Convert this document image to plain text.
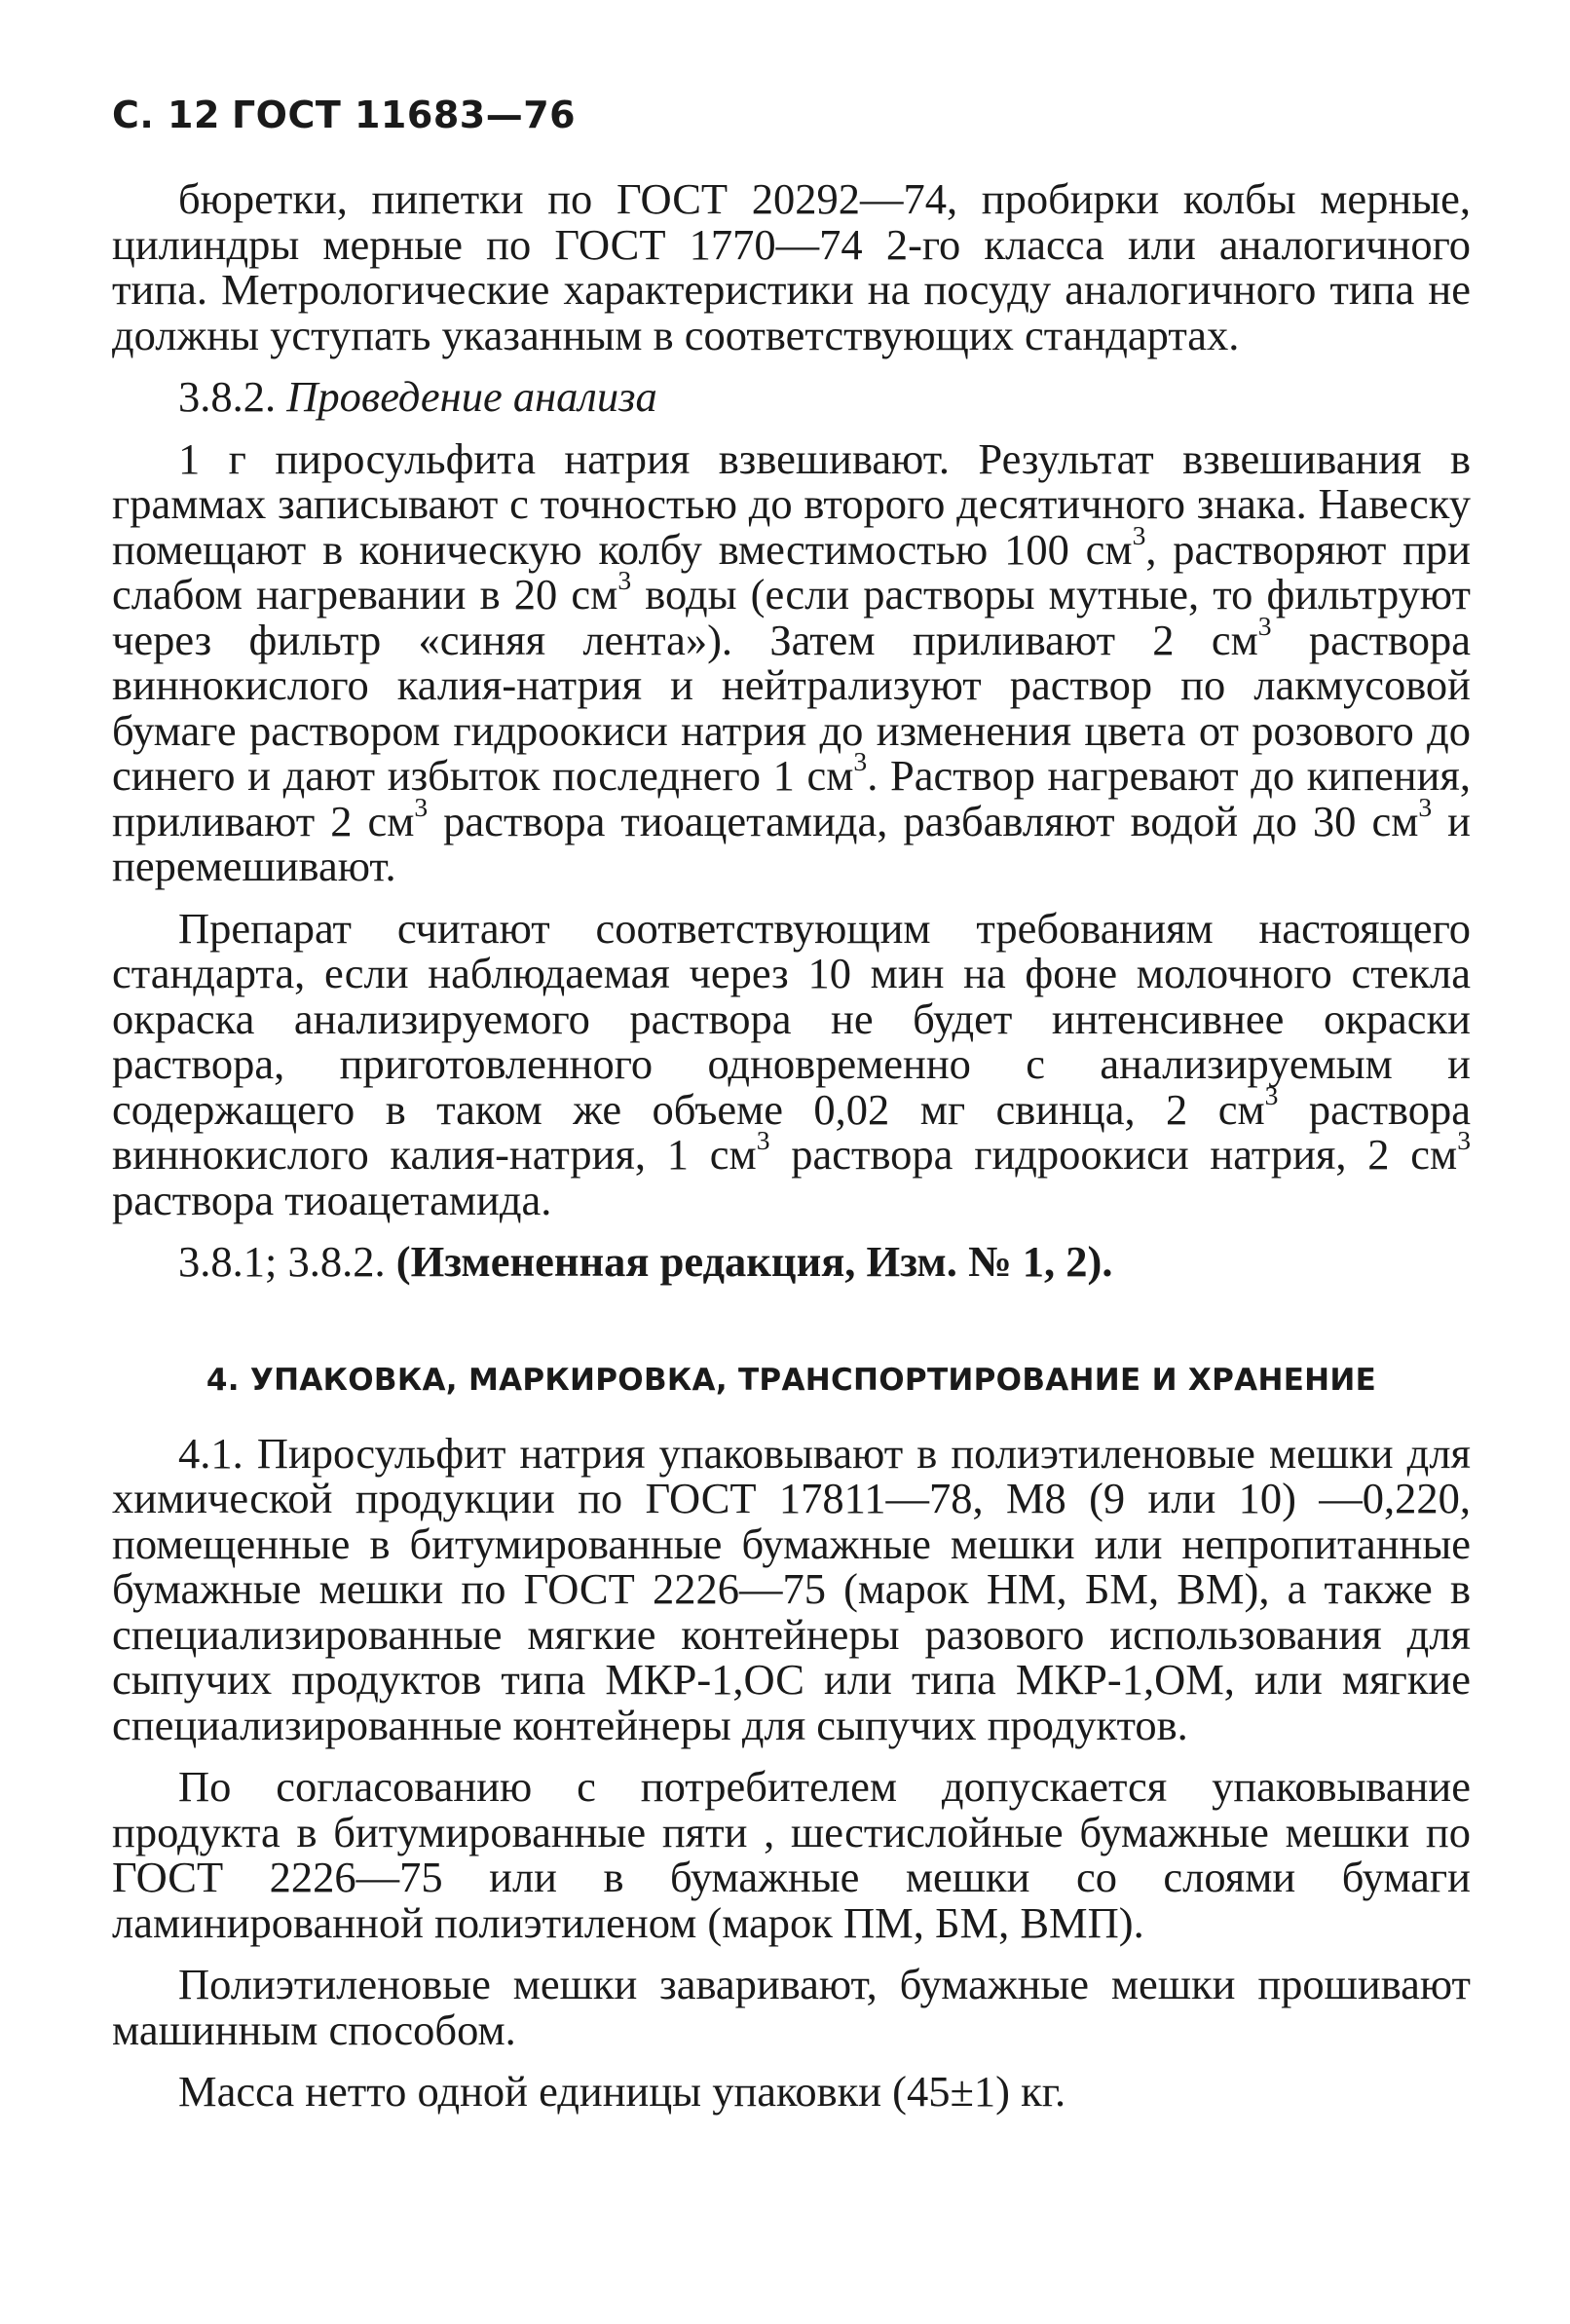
С. 12 ГОСТ 11683—76

бюретки, пипетки по ГОСТ 20292—74, пробирки колбы мерные, цилиндры мерные по ГОСТ 1770—74 2-го класса или аналогичного типа. Метрологические характеристики на посуду аналогичного типа не должны уступать указанным в соответствующих стандартах.

3.8.2. Проведение анализа

1 г пиросульфита натрия взвешивают. Результат взвешивания в граммах записывают с точностью до второго десятичного знака. Навеску помещают в коническую колбу вместимостью 100 $см^3$, растворяют при слабом нагревании в 20 $см^3$ воды (если растворы мутные, то фильтруют через фильтр «синяя лента»). Затем приливают 2 $см^3$ раствора виннокислого калия-натрия и нейтрализуют раствор по лакмусовой бумаге раствором гидроокиси натрия до изменения цвета от розового до синего и дают избыток последнего 1 $см^3$. Раствор нагревают до кипения, приливают 2 $см^3$ раствора тиоацетамида, разбавляют водой до 30 $см^3$ и перемешивают.

Препарат считают соответствующим требованиям настоящего стандарта, если наблюдаемая через 10 мин на фоне молочного стекла окраска анализируемого раствора не будет интенсивнее окраски раствора, приготовленного одновременно с анализируемым и содержащего в таком же объеме 0,02 мг свинца, 2 $см^3$ раствора виннокислого калия-натрия, 1 $см^3$ раствора гидроокиси натрия, 2 $см^3$ раствора тиоацетамида.

3.8.1; 3.8.2. (Измененная редакция, Изм. № 1, 2).
4. УПАКОВКА, МАРКИРОВКА, ТРАНСПОРТИРОВАНИЕ И ХРАНЕНИЕ

4.1. Пиросульфит натрия упаковывают в полиэтиленовые мешки для химической продукции по ГОСТ 17811—78, М8 (9 или 10) —0,220, помещенные в битумированные бумажные мешки или непропитанные бумажные мешки по ГОСТ 2226—75 (марок НМ, БМ, ВМ), а также в специализированные мягкие контейнеры разового использования для сыпучих продуктов типа МКР-1,ОС или типа МКР-1,ОМ, или мягкие специализированные контейнеры для сыпучих продуктов.

По согласованию с потребителем допускается упаковывание продукта в битумированные пяти , шестислойные бумажные мешки по ГОСТ 2226—75 или в бумажные мешки со слоями бумаги ламинированной полиэтиленом (марок ПМ, БМ, ВМП).

Полиэтиленовые мешки заваривают, бумажные мешки прошивают машинным способом.

Масса нетто одной единицы упаковки (45±1) кг.
